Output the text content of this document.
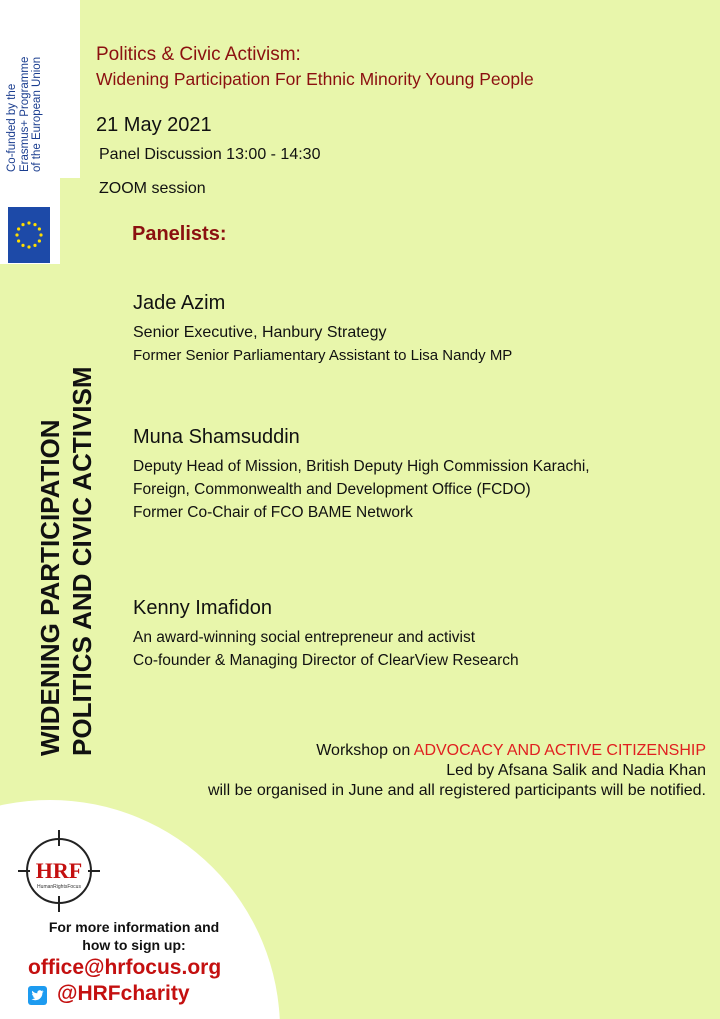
Co-funded by the Erasmus+ Programme of the European Union
Politics & Civic Activism:
Widening Participation For Ethnic Minority Young People
21 May 2021
Panel Discussion 13:00 - 14:30
ZOOM session
Panelists:
WIDENING PARTICIPATION POLITICS AND CIVIC ACTIVISM
Jade Azim
Senior Executive, Hanbury Strategy
Former Senior Parliamentary Assistant to Lisa Nandy MP
Muna Shamsuddin
Deputy Head of Mission, British Deputy High Commission Karachi,
Foreign, Commonwealth and Development Office (FCDO)
Former Co-Chair of FCO BAME Network
Kenny Imafidon
An award-winning social entrepreneur and activist
Co-founder & Managing Director of ClearView Research
Workshop on ADVOCACY AND ACTIVE CITIZENSHIP
Led by Afsana Salik and Nadia Khan
will be organised in June and all registered participants will be notified.
HRF
HumanRightsFocus
For more information and
how to sign up:
office@hrfocus.org
@HRFcharity
